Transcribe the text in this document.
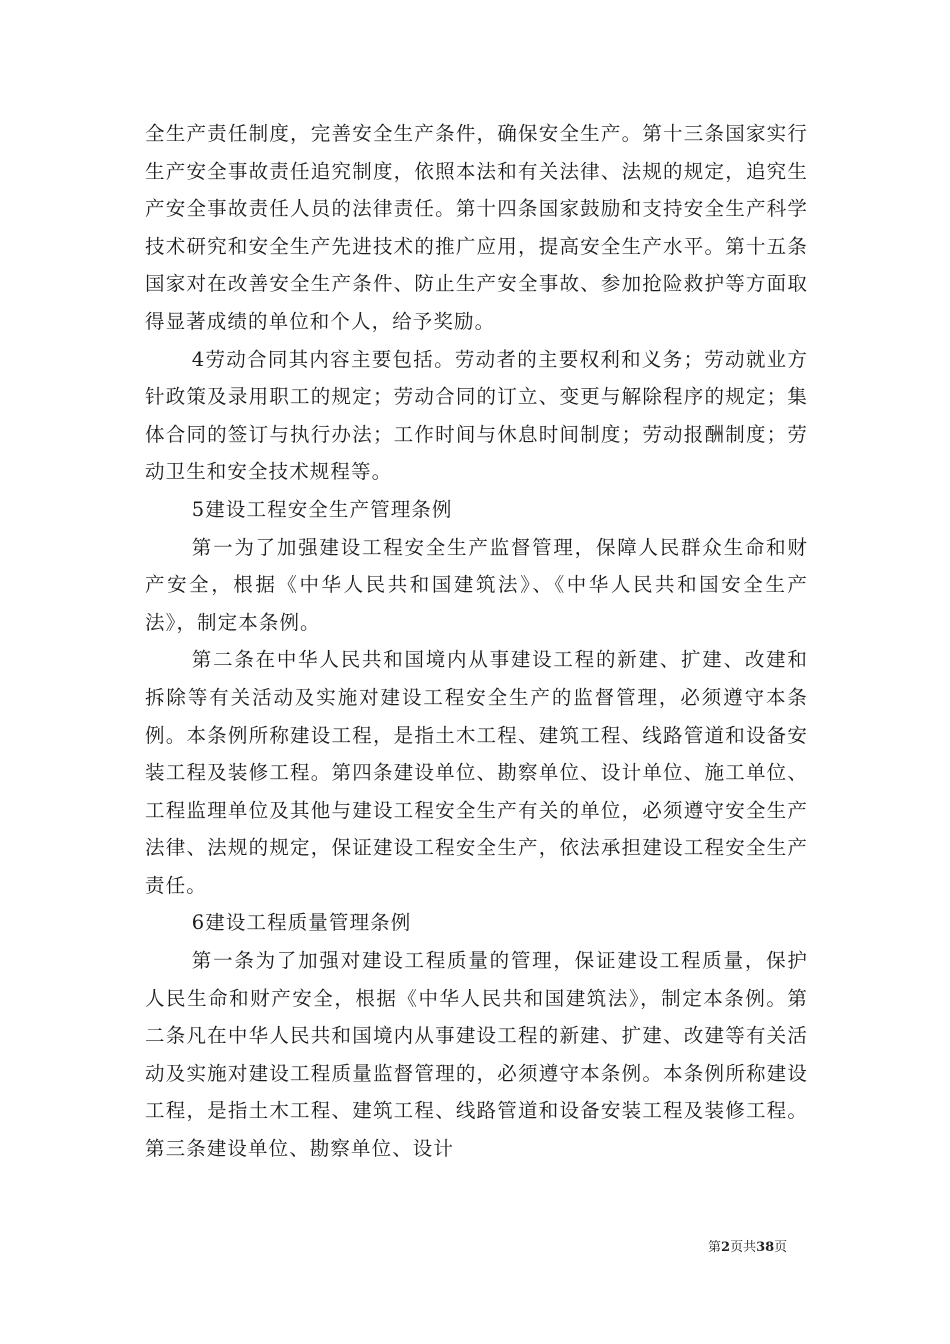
全生产责任制度，完善安全生产条件，确保安全生产。第十三条国家实行生产安全事故责任追究制度，依照本法和有关法律、法规的规定，追究生产安全事故责任人员的法律责任。第十四条国家鼓励和支持安全生产科学技术研究和安全生产先进技术的推广应用，提高安全生产水平。第十五条国家对在改善安全生产条件、防止生产安全事故、参加抢险救护等方面取得显著成绩的单位和个人，给予奖励。

4劳动合同其内容主要包括。劳动者的主要权利和义务；劳动就业方针政策及录用职工的规定；劳动合同的订立、变更与解除程序的规定；集体合同的签订与执行办法；工作时间与休息时间制度；劳动报酬制度；劳动卫生和安全技术规程等。

5建设工程安全生产管理条例

第一为了加强建设工程安全生产监督管理，保障人民群众生命和财产安全，根据《中华人民共和国建筑法》、《中华人民共和国安全生产法》，制定本条例。

第二条在中华人民共和国境内从事建设工程的新建、扩建、改建和拆除等有关活动及实施对建设工程安全生产的监督管理，必须遵守本条例。本条例所称建设工程，是指土木工程、建筑工程、线路管道和设备安装工程及装修工程。第四条建设单位、勘察单位、设计单位、施工单位、工程监理单位及其他与建设工程安全生产有关的单位，必须遵守安全生产法律、法规的规定，保证建设工程安全生产，依法承担建设工程安全生产责任。

6建设工程质量管理条例

第一条为了加强对建设工程质量的管理，保证建设工程质量，保护人民生命和财产安全，根据《中华人民共和国建筑法》，制定本条例。第二条凡在中华人民共和国境内从事建设工程的新建、扩建、改建等有关活动及实施对建设工程质量监督管理的，必须遵守本条例。本条例所称建设工程，是指土木工程、建筑工程、线路管道和设备安装工程及装修工程。第三条建设单位、勘察单位、设计

第2页共38页
